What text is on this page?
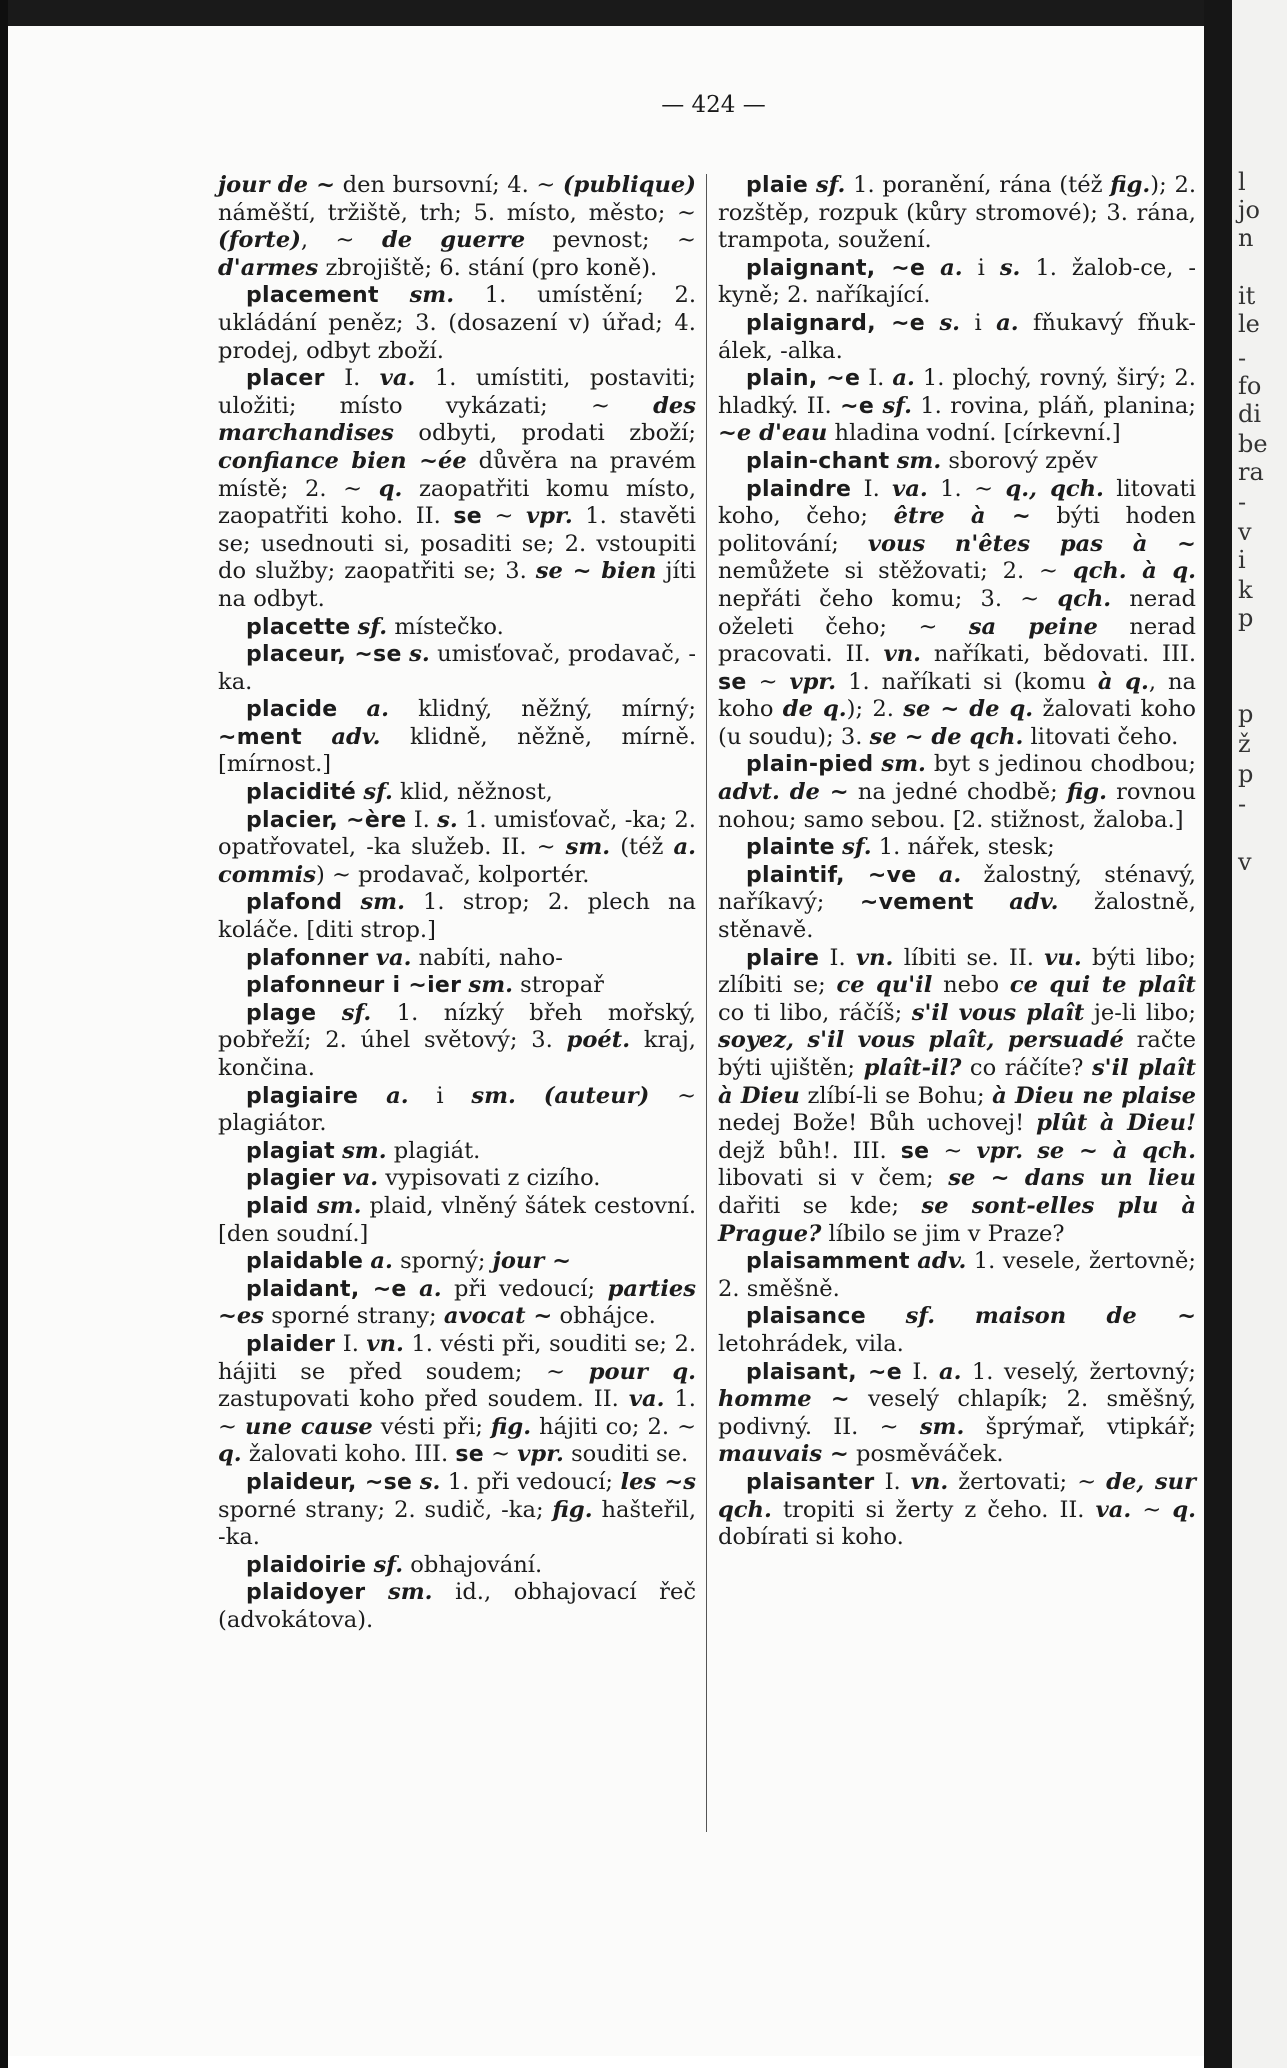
l
jo
n
it
le
-
fo
di
be
ra
-
v
i
k
p
p
ž
p
-
v
— 424 —

jour de ~ den bursovní; 4. ~ (publique) náměští, tržiště, trh; 5. místo, město; ~ (forte), ~ de guerre pevnost; ~ d'armes zbrojiště; 6. stání (pro koně).

placement sm. 1. umístění; 2. ukládání peněz; 3. (dosazení v) úřad; 4. prodej, odbyt zboží.

placer I. va. 1. umístiti, postaviti; uložiti; místo vykázati; ~ des marchandises odbyti, prodati zboží; confiance bien ~ée důvěra na pravém místě; 2. ~ q. zaopatřiti komu místo, zaopatřiti koho. II. se ~ vpr. 1. stavěti se; usednouti si, posaditi se; 2. vstoupiti do služby; zaopatřiti se; 3. se ~ bien jíti na odbyt.

placette sf. místečko.

placeur, ~se s. umisťovač, prodavač, -ka.

placide a. klidný, něžný, mírný; ~ment adv. klidně, něžně, mírně. [mírnost.]

placidité sf. klid, něžnost,

placier, ~ère I. s. 1. umisťovač, -ka; 2. opatřovatel, -ka služeb. II. ~ sm. (též a. commis) ~ prodavač, kolportér.

plafond sm. 1. strop; 2. plech na koláče. [diti strop.]

plafonner va. nabíti, naho-

plafonneur i ~ier sm. stropař

plage sf. 1. nízký břeh mořský, pobřeží; 2. úhel světový; 3. poét. kraj, končina.

plagiaire a. i sm. (auteur) ~ plagiátor.

plagiat sm. plagiát.

plagier va. vypisovati z cizího.

plaid sm. plaid, vlněný šátek cestovní. [den soudní.]

plaidable a. sporný; jour ~

plaidant, ~e a. při vedoucí; parties ~es sporné strany; avocat ~ obhájce.

plaider I. vn. 1. vésti při, souditi se; 2. hájiti se před soudem; ~ pour q. zastupovati koho před soudem. II. va. 1. ~ une cause vésti při; fig. hájiti co; 2. ~ q. žalovati koho. III. se ~ vpr. souditi se.

plaideur, ~se s. 1. při vedoucí; les ~s sporné strany; 2. sudič, -ka; fig. hašteřil, -ka.

plaidoirie sf. obhajování.

plaidoyer sm. id., obhajovací řeč (advokátova).

plaie sf. 1. poranění, rána (též fig.); 2. rozštěp, rozpuk (kůry stromové); 3. rána, trampota, soužení.

plaignant, ~e a. i s. 1. žalob-ce, -kyně; 2. naříkající.

plaignard, ~e s. i a. fňukavý fňuk-álek, -alka.

plain, ~e I. a. 1. plochý, rovný, širý; 2. hladký. II. ~e sf. 1. rovina, pláň, planina; ~e d'eau hladina vodní. [církevní.]

plain-chant sm. sborový zpěv

plaindre I. va. 1. ~ q., qch. litovati koho, čeho; être à ~ býti hoden politování; vous n'êtes pas à ~ nemůžete si stěžovati; 2. ~ qch. à q. nepřáti čeho komu; 3. ~ qch. nerad oželeti čeho; ~ sa peine nerad pracovati. II. vn. naříkati, bědovati. III. se ~ vpr. 1. naříkati si (komu à q., na koho de q.); 2. se ~ de q. žalovati koho (u soudu); 3. se ~ de qch. litovati čeho.

plain-pied sm. byt s jedinou chodbou; advt. de ~ na jedné chodbě; fig. rovnou nohou; samo sebou. [2. stižnost, žaloba.]

plainte sf. 1. nářek, stesk;

plaintif, ~ve a. žalostný, sténavý, naříkavý; ~vement adv. žalostně, stěnavě.

plaire I. vn. líbiti se. II. vu. býti libo; zlíbiti se; ce qu'il nebo ce qui te plaît co ti libo, ráčíš; s'il vous plaît je-li libo; soyez, s'il vous plaît, persuadé račte býti ujištěn; plaît-il? co ráčíte? s'il plaît à Dieu zlíbí-li se Bohu; à Dieu ne plaise nedej Bože! Bůh uchovej! plût à Dieu! dejž bůh!. III. se ~ vpr. se ~ à qch. libovati si v čem; se ~ dans un lieu dařiti se kde; se sont-elles plu à Prague? líbilo se jim v Praze?

plaisamment adv. 1. vesele, žertovně; 2. směšně.

plaisance sf. maison de ~ letohrádek, vila.

plaisant, ~e I. a. 1. veselý, žertovný; homme ~ veselý chlapík; 2. směšný, podivný. II. ~ sm. šprýmař, vtipkář; mauvais ~ posměváček.

plaisanter I. vn. žertovati; ~ de, sur qch. tropiti si žerty z čeho. II. va. ~ q. dobírati si koho.
